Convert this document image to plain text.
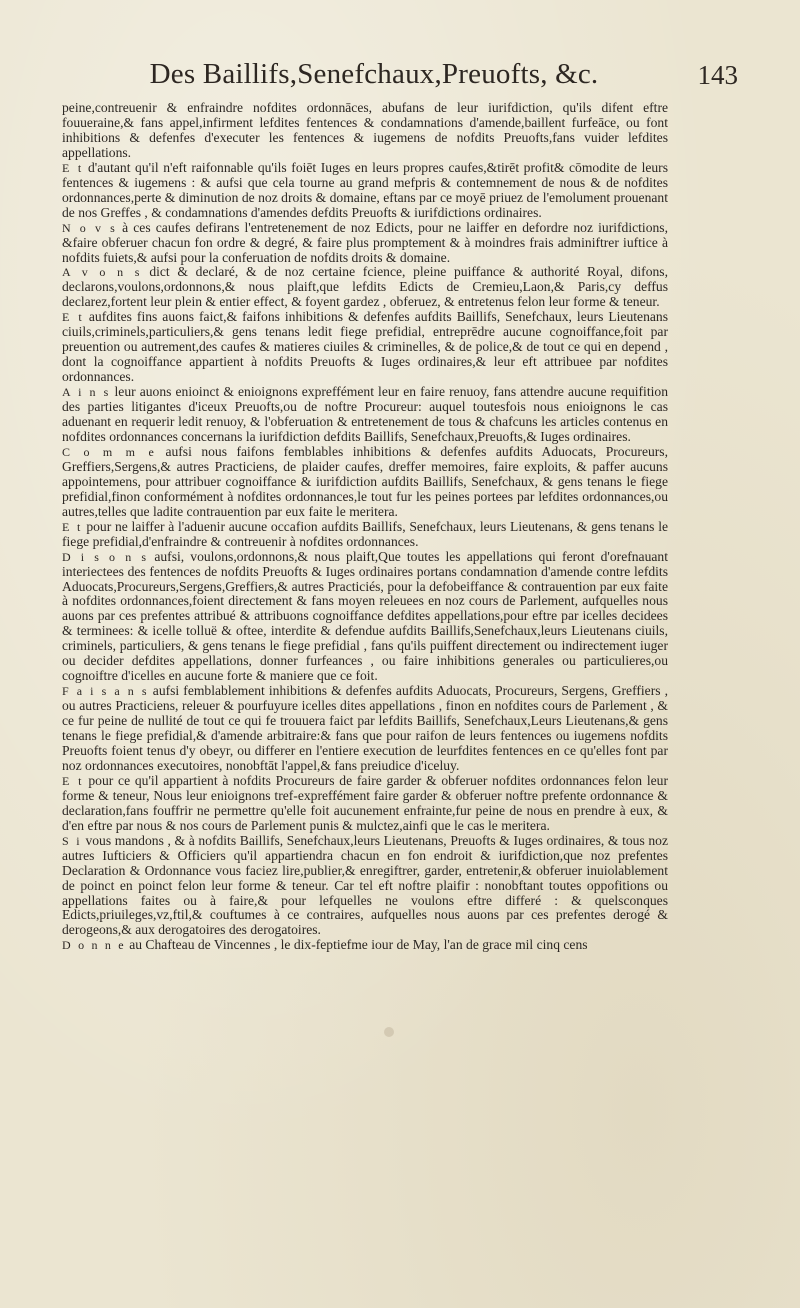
Des Baillifs,Senefchaux,Preuofts, &c.	143

peine,contreuenir & enfraindre nofdites ordonnāces, abufans de leur iurifdiction, qu'ils difent eftre fouueraine,& fans appel,infirment lefdites fentences & condamnations d'amende,baillent furfeāce, ou font inhibitions & defenfes d'executer les fentences & iugemens de nofdits Preuofts,fans vuider lefdites appellations.

E t d'autant qu'il n'eft raifonnable qu'ils foiēt Iuges en leurs propres caufes,&tirēt profit& cōmodite de leurs fentences & iugemens : & aufsi que cela tourne au grand mefpris & contemnement de nous & de nofdites ordonnances,perte & diminution de noz droits & domaine, eftans par ce moyē priuez de l'emolument prouenant de nos Greffes , & condamnations d'amendes defdits Preuofts & iurifdictions ordinaires.

N o v s à ces caufes defirans l'entretenement de noz Edicts, pour ne laiffer en defordre noz iurifdictions, &faire obferuer chacun fon ordre & degré, & faire plus promptement & à moindres frais adminiftrer iuftice à nofdits fuiets,& aufsi pour la conferuation de nofdits droits & domaine.

A v o n s dict & declaré, & de noz certaine fcience, pleine puiffance & authorité Royal, difons, declarons,voulons,ordonnons,& nous plaift,que lefdits Edicts de Cremieu,Laon,& Paris,cy deffus declarez,fortent leur plein & entier effect, & foyent gardez , obferuez, & entretenus felon leur forme & teneur.

E t aufdites fins auons faict,& faifons inhibitions & defenfes aufdits Baillifs, Senefchaux, leurs Lieutenans ciuils,criminels,particuliers,& gens tenans ledit fiege prefidial, entreprēdre aucune cognoiffance,foit par preuention ou autrement,des caufes & matieres ciuiles & criminelles, & de police,& de tout ce qui en depend , dont la cognoiffance appartient à nofdits Preuofts & Iuges ordinaires,& leur eft attribuee par nofdites ordonnances.

A i n s leur auons enioinct & enioignons expreffément leur en faire renuoy, fans attendre aucune requifition des parties litigantes d'iceux Preuofts,ou de noftre Procureur: auquel toutesfois nous enioignons le cas aduenant en requerir ledit renuoy, & l'obferuation & entretenement de tous & chafcuns les articles contenus en nofdites ordonnances concernans la iurifdiction defdits Baillifs, Senefchaux,Preuofts,& Iuges ordinaires.

C o m m e aufsi nous faifons femblables inhibitions & defenfes aufdits Aduocats, Procureurs, Greffiers,Sergens,& autres Practiciens, de plaider caufes, dreffer memoires, faire exploits, & paffer aucuns appointemens, pour attribuer cognoiffance & iurifdiction aufdits Baillifs, Senefchaux, & gens tenans le fiege prefidial,finon conformément à nofdites ordonnances,le tout fur les peines portees par lefdites ordonnances,ou autres,telles que ladite contrauention par eux faite le meritera.

E t pour ne laiffer à l'aduenir aucune occafion aufdits Baillifs, Senefchaux, leurs Lieutenans, & gens tenans le fiege prefidial,d'enfraindre & contreuenir à nofdites ordonnances.

D i s o n s aufsi, voulons,ordonnons,& nous plaift,Que toutes les appellations qui feront d'orefnauant interiectees des fentences de nofdits Preuofts & Iuges ordinaires portans condamnation d'amende contre lefdits Aduocats,Procureurs,Sergens,Greffiers,& autres Practiciés, pour la defobeiffance & contrauention par eux faite à nofdites ordonnances,foient directement & fans moyen releuees en noz cours de Parlement, aufquelles nous auons par ces prefentes attribué & attribuons cognoiffance defdites appellations,pour eftre par icelles decidees & terminees: & icelle tolluë & oftee, interdite & defendue aufdits Baillifs,Senefchaux,leurs Lieutenans ciuils, criminels, particuliers, & gens tenans le fiege prefidial , fans qu'ils puiffent directement ou indirectement iuger ou decider defdites appellations, donner furfeances , ou faire inhibitions generales ou particulieres,ou cognoiftre d'icelles en aucune forte & maniere que ce foit.

F a i s a n s aufsi femblablement inhibitions & defenfes aufdits Aduocats, Procureurs, Sergens, Greffiers , ou autres Practiciens, releuer & pourfuyure icelles dites appellations , finon en nofdites cours de Parlement , & ce fur peine de nullité de tout ce qui fe trouuera faict par lefdits Baillifs, Senefchaux,Leurs Lieutenans,& gens tenans le fiege prefidial,& d'amende arbitraire:& fans que pour raifon de leurs fentences ou iugemens nofdits Preuofts foient tenus d'y obeyr, ou differer en l'entiere execution de leurfdites fentences en ce qu'elles font par noz ordonnances executoires, nonobftāt l'appel,& fans preiudice d'iceluy.

E t pour ce qu'il appartient à nofdits Procureurs de faire garder & obferuer nofdites ordonnances felon leur forme & teneur, Nous leur enioignons tref-expreffément faire garder & obferuer noftre prefente ordonnance & declaration,fans fouffrir ne permettre qu'elle foit aucunement enfrainte,fur peine de nous en prendre à eux, & d'en eftre par nous & nos cours de Parlement punis & mulctez,ainfi que le cas le meritera.

S i vous mandons , & à nofdits Baillifs, Senefchaux,leurs Lieutenans, Preuofts & Iuges ordinaires, & tous noz autres Iufticiers & Officiers qu'il appartiendra chacun en fon endroit & iurifdiction,que noz prefentes Declaration & Ordonnance vous faciez lire,publier,& enregiftrer, garder, entretenir,& obferuer inuiolablement de poinct en poinct felon leur forme & teneur. Car tel eft noftre plaifir : nonobftant toutes oppofitions ou appellations faites ou à faire,& pour lefquelles ne voulons eftre differé : & quelsconques Edicts,priuileges,vz,ftil,& couftumes à ce contraires, aufquelles nous auons par ces prefentes derogé & derogeons,& aux derogatoires des derogatoires.

D o n n e au Chafteau de Vincennes , le dix-feptiefme iour de May, l'an de grace mil cinq cens
